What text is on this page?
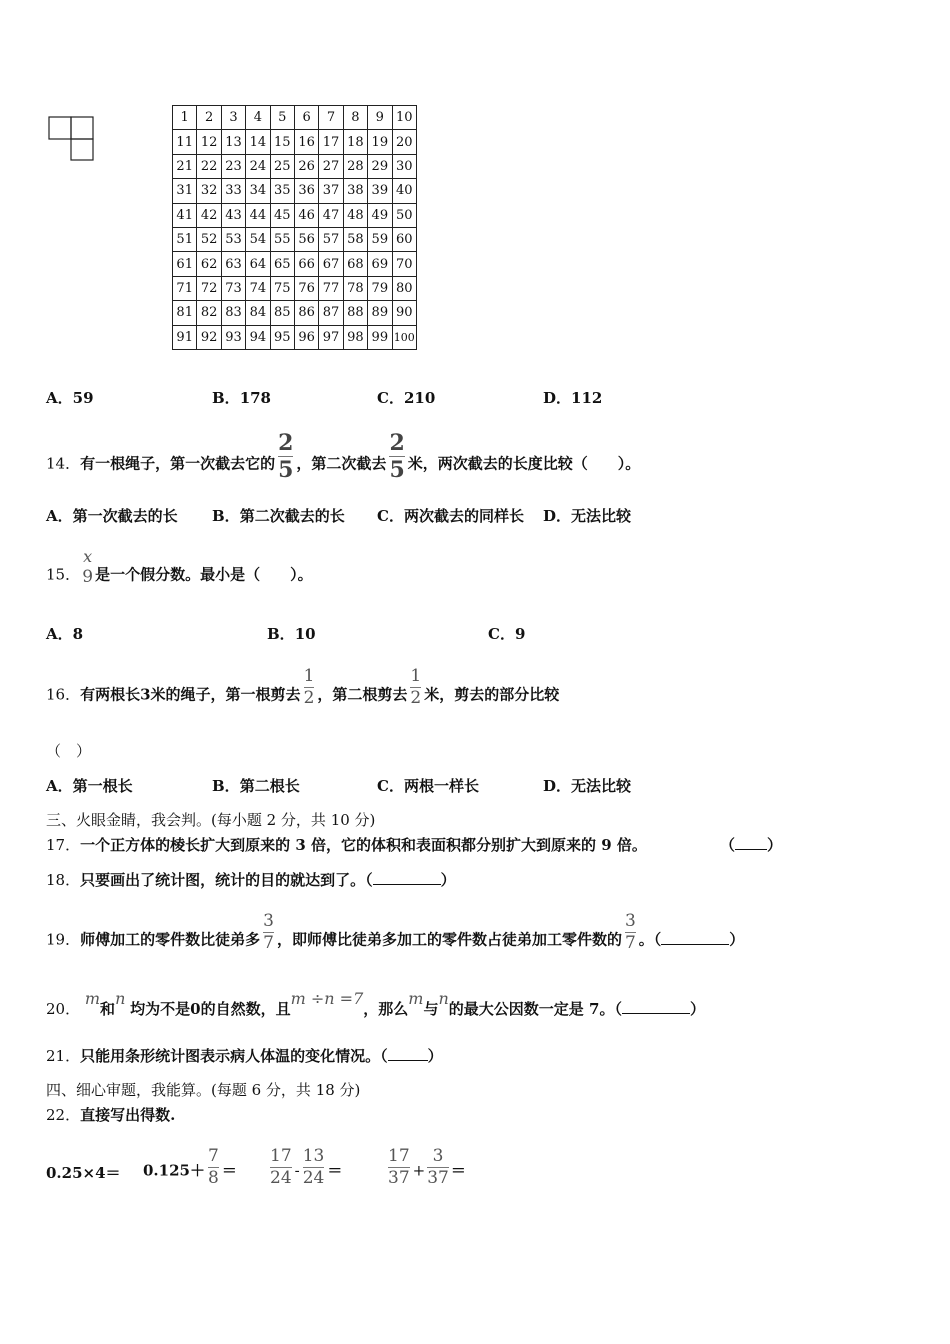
1	2	3	4	5	6	7	8	9	10
11	12	13	14	15	16	17	18	19	20
21	22	23	24	25	26	27	28	29	30
31	32	33	34	35	36	37	38	39	40
41	42	43	44	45	46	47	48	49	50
51	52	53	54	55	56	57	58	59	60
61	62	63	64	65	66	67	68	69	70
71	72	73	74	75	76	77	78	79	80
81	82	83	84	85	86	87	88	89	90
91	92	93	94	95	96	97	98	99	100
A．59	B．178	C．210	D．112
14．有一根绳子，第一次截去它的 $\frac{2}{5}$ ，第二次截去 $\frac{2}{5}$ 米，两次截去的长度比较（　　）。
A．第一次截去的长 B．第二次截去的长 C．两次截去的同样长 D．无法比较
15．
x
9 是一个假分数。最小是（　　）。
A．8	B．10	C．9
16．有两根长3米的绳子，第一根剪去 $\frac{1}{2}$ ，第二根剪去 $\frac{1}{2}$ 米，剪去的部分比较
（　）
A．第一根长	B．第二根长	C．两根一样长	D．无法比较
三、火眼金睛，我会判。(每小题 2 分，共 10 分)
17．一个正方体的棱长扩大到原来的 3 倍，它的体积和表面积都分别扩大到原来的 9 倍。	（ ）
18．只要画出了统计图，统计的目的就达到了。（	）
19．师傅加工的零件数比徒弟多 $\frac{3}{7}$ ，即师傅比徒弟多加工的零件数占徒弟加工零件数的 $\frac{3}{7}$ 。（	）
20． m和n 均为不是0的自然数，且m ÷n =7，那么m与n的最大公因数一定是 7。（	）
21．只能用条形统计图表示病人体温的变化情况。（	）
四、细心审题，我能算。(每题 6 分，共 18 分)
22．直接写出得数.
$0.25\times 4= 0.125+ \frac{7}{8} = \frac{17}{24} - \frac{13}{24}$ ＝	$\frac{17}{37} + \frac{3}{37}$ ＝
